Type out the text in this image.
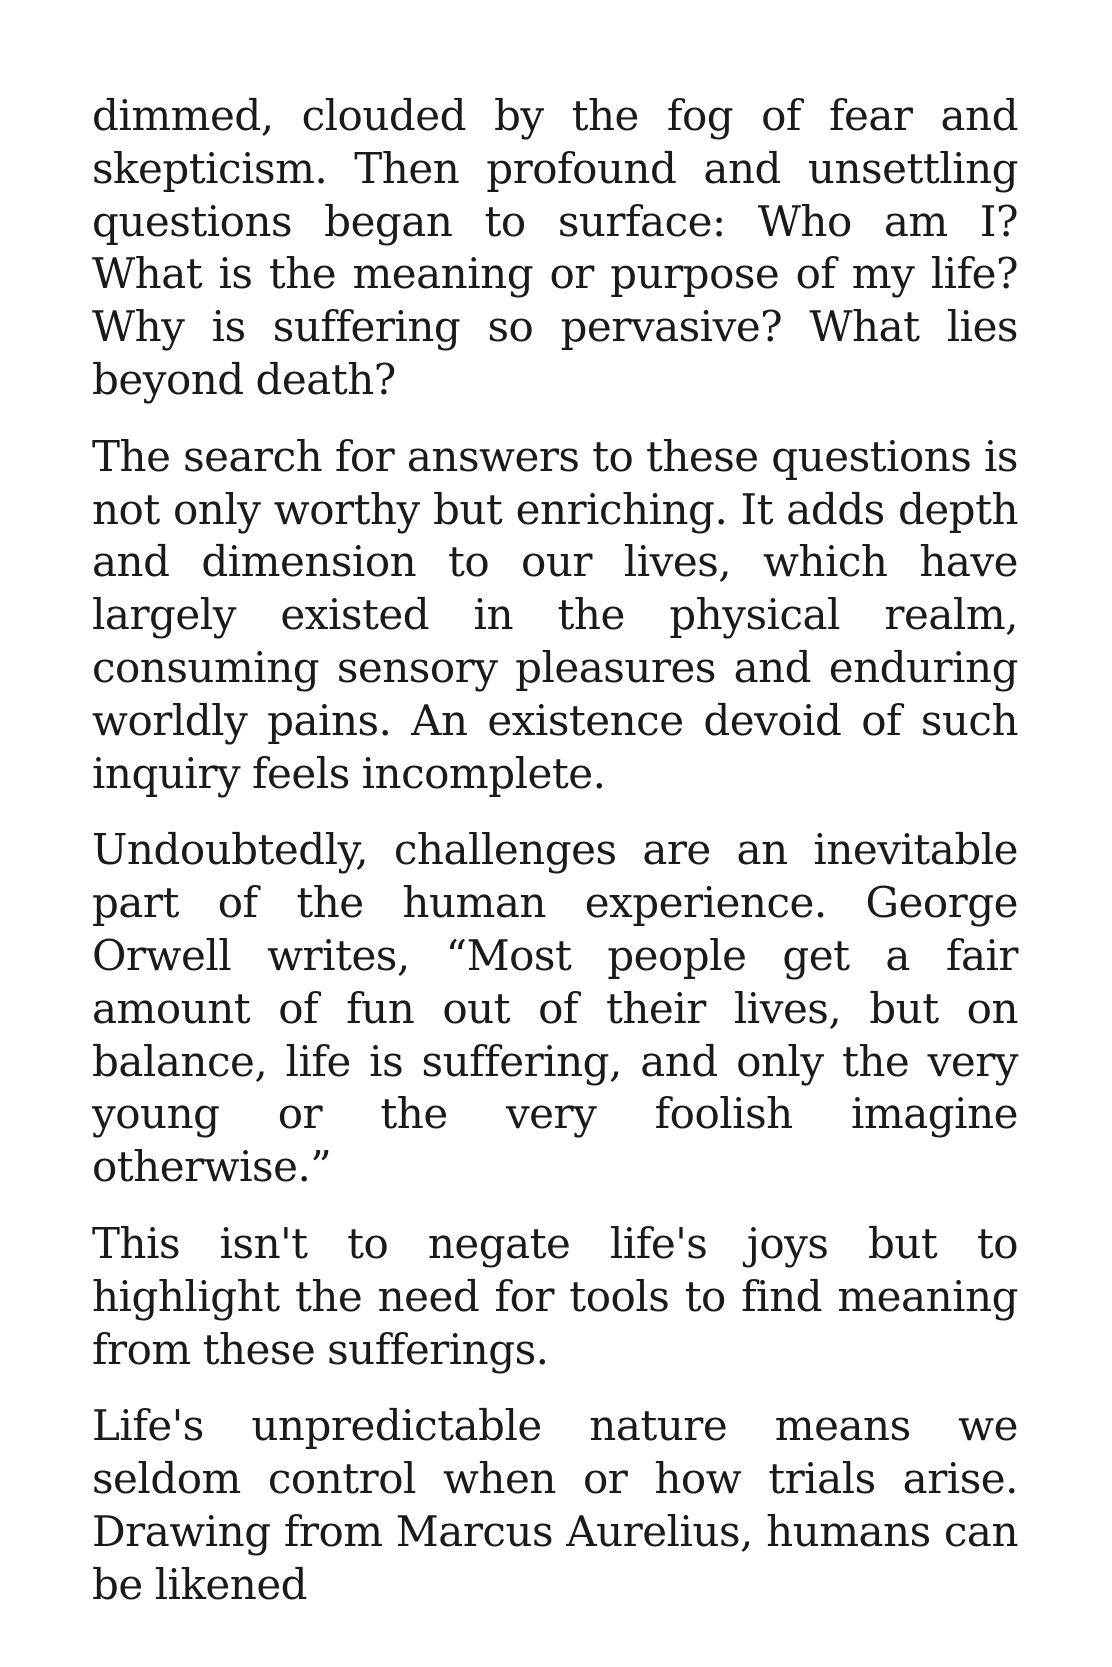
dimmed, clouded by the fog of fear and skepticism. Then profound and unsettling questions began to surface: Who am I? What is the meaning or purpose of my life? Why is suffering so pervasive? What lies beyond death?

The search for answers to these questions is not only worthy but enriching. It adds depth and dimension to our lives, which have largely existed in the physical realm, consuming sensory pleasures and enduring worldly pains. An existence devoid of such inquiry feels incomplete.

Undoubtedly, challenges are an inevitable part of the human experience. George Orwell writes, “Most people get a fair amount of fun out of their lives, but on balance, life is suffering, and only the very young or the very foolish imagine otherwise.”

This isn't to negate life's joys but to highlight the need for tools to find meaning from these sufferings.

Life's unpredictable nature means we seldom control when or how trials arise. Drawing from Marcus Aurelius, humans can be likened
